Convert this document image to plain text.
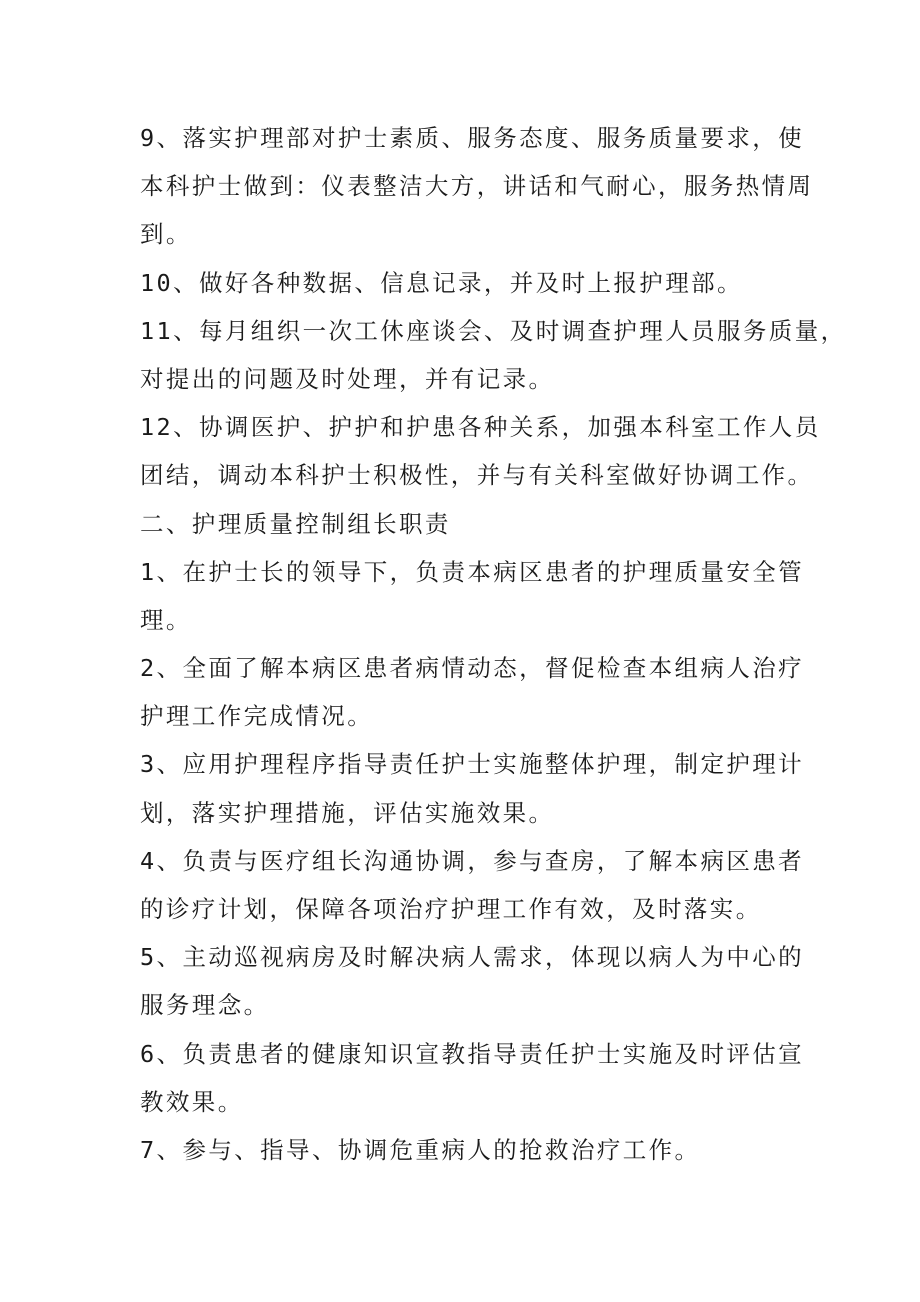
9、落实护理部对护士素质、服务态度、服务质量要求，使
本科护士做到：仪表整洁大方，讲话和气耐心，服务热情周
到。
10、做好各种数据、信息记录，并及时上报护理部。
11、每月组织一次工休座谈会、及时调查护理人员服务质量，
对提出的问题及时处理，并有记录。
12、协调医护、护护和护患各种关系，加强本科室工作人员
团结，调动本科护士积极性，并与有关科室做好协调工作。
二、护理质量控制组长职责
1、在护士长的领导下，负责本病区患者的护理质量安全管
理。
2、全面了解本病区患者病情动态，督促检查本组病人治疗
护理工作完成情况。
3、应用护理程序指导责任护士实施整体护理，制定护理计
划，落实护理措施，评估实施效果。
4、负责与医疗组长沟通协调，参与查房，了解本病区患者
的诊疗计划，保障各项治疗护理工作有效，及时落实。
5、主动巡视病房及时解决病人需求，体现以病人为中心的
服务理念。
6、负责患者的健康知识宣教指导责任护士实施及时评估宣
教效果。
7、参与、指导、协调危重病人的抢救治疗工作。
